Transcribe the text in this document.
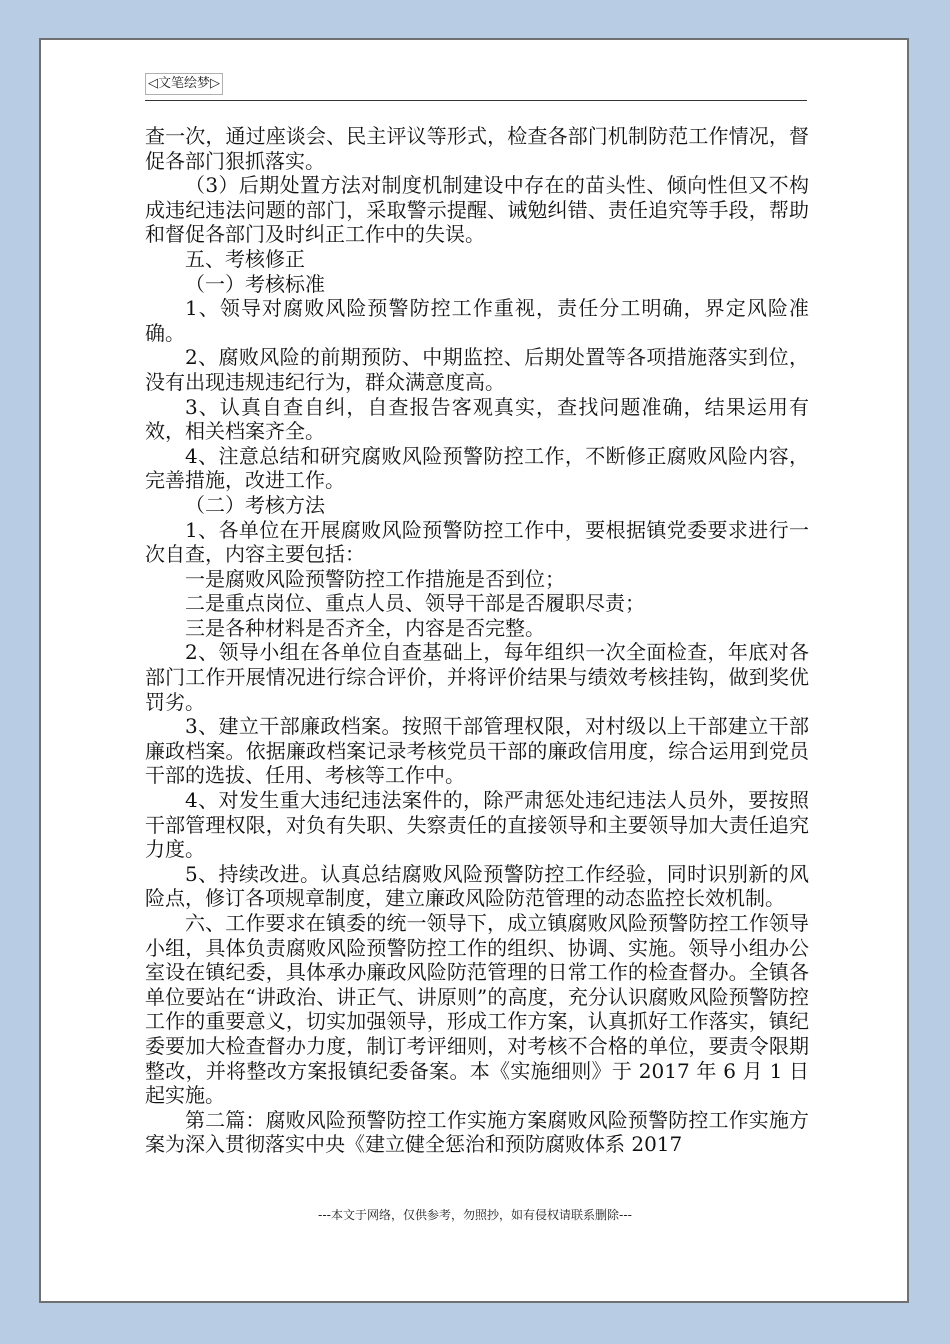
◁文笔绘梦▷

查一次，通过座谈会、民主评议等形式，检查各部门机制防范工作情况，督促各部门狠抓落实。

（3）后期处置方法对制度机制建设中存在的苗头性、倾向性但又不构成违纪违法问题的部门，采取警示提醒、诫勉纠错、责任追究等手段，帮助和督促各部门及时纠正工作中的失误。

五、考核修正

（一）考核标准

1、领导对腐败风险预警防控工作重视，责任分工明确，界定风险准确。

2、腐败风险的前期预防、中期监控、后期处置等各项措施落实到位，没有出现违规违纪行为，群众满意度高。

3、认真自查自纠，自查报告客观真实，查找问题准确，结果运用有效，相关档案齐全。

4、注意总结和研究腐败风险预警防控工作，不断修正腐败风险内容，完善措施，改进工作。

（二）考核方法

1、各单位在开展腐败风险预警防控工作中，要根据镇党委要求进行一次自查，内容主要包括：

一是腐败风险预警防控工作措施是否到位；

二是重点岗位、重点人员、领导干部是否履职尽责；

三是各种材料是否齐全，内容是否完整。

2、领导小组在各单位自查基础上，每年组织一次全面检查，年底对各部门工作开展情况进行综合评价，并将评价结果与绩效考核挂钩，做到奖优罚劣。

3、建立干部廉政档案。按照干部管理权限，对村级以上干部建立干部廉政档案。依据廉政档案记录考核党员干部的廉政信用度，综合运用到党员干部的选拔、任用、考核等工作中。

4、对发生重大违纪违法案件的，除严肃惩处违纪违法人员外，要按照干部管理权限，对负有失职、失察责任的直接领导和主要领导加大责任追究力度。

5、持续改进。认真总结腐败风险预警防控工作经验，同时识别新的风险点，修订各项规章制度，建立廉政风险防范管理的动态监控长效机制。

六、工作要求在镇委的统一领导下，成立镇腐败风险预警防控工作领导小组，具体负责腐败风险预警防控工作的组织、协调、实施。领导小组办公室设在镇纪委，具体承办廉政风险防范管理的日常工作的检查督办。全镇各单位要站在“讲政治、讲正气、讲原则”的高度，充分认识腐败风险预警防控工作的重要意义，切实加强领导，形成工作方案，认真抓好工作落实，镇纪委要加大检查督办力度，制订考评细则，对考核不合格的单位，要责令限期整改，并将整改方案报镇纪委备案。本《实施细则》于 2017 年 6 月 1 日起实施。

第二篇：腐败风险预警防控工作实施方案腐败风险预警防控工作实施方案为深入贯彻落实中央《建立健全惩治和预防腐败体系 2017

---本文于网络，仅供参考，勿照抄，如有侵权请联系删除---
